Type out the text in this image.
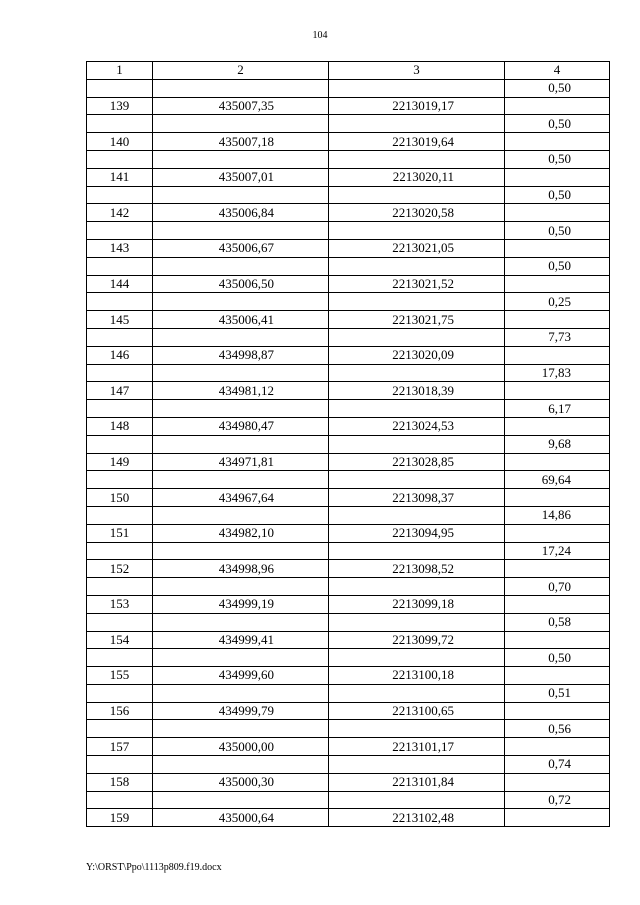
104
1	2	3	4
			0,50
139	435007,35	2213019,17	
			0,50
140	435007,18	2213019,64	
			0,50
141	435007,01	2213020,11	
			0,50
142	435006,84	2213020,58	
			0,50
143	435006,67	2213021,05	
			0,50
144	435006,50	2213021,52	
			0,25
145	435006,41	2213021,75	
			7,73
146	434998,87	2213020,09	
			17,83
147	434981,12	2213018,39	
			6,17
148	434980,47	2213024,53	
			9,68
149	434971,81	2213028,85	
			69,64
150	434967,64	2213098,37	
			14,86
151	434982,10	2213094,95	
			17,24
152	434998,96	2213098,52	
			0,70
153	434999,19	2213099,18	
			0,58
154	434999,41	2213099,72	
			0,50
155	434999,60	2213100,18	
			0,51
156	434999,79	2213100,65	
			0,56
157	435000,00	2213101,17	
			0,74
158	435000,30	2213101,84	
			0,72
159	435000,64	2213102,48	
Y:\ORST\Ppo\1113p809.f19.docx
